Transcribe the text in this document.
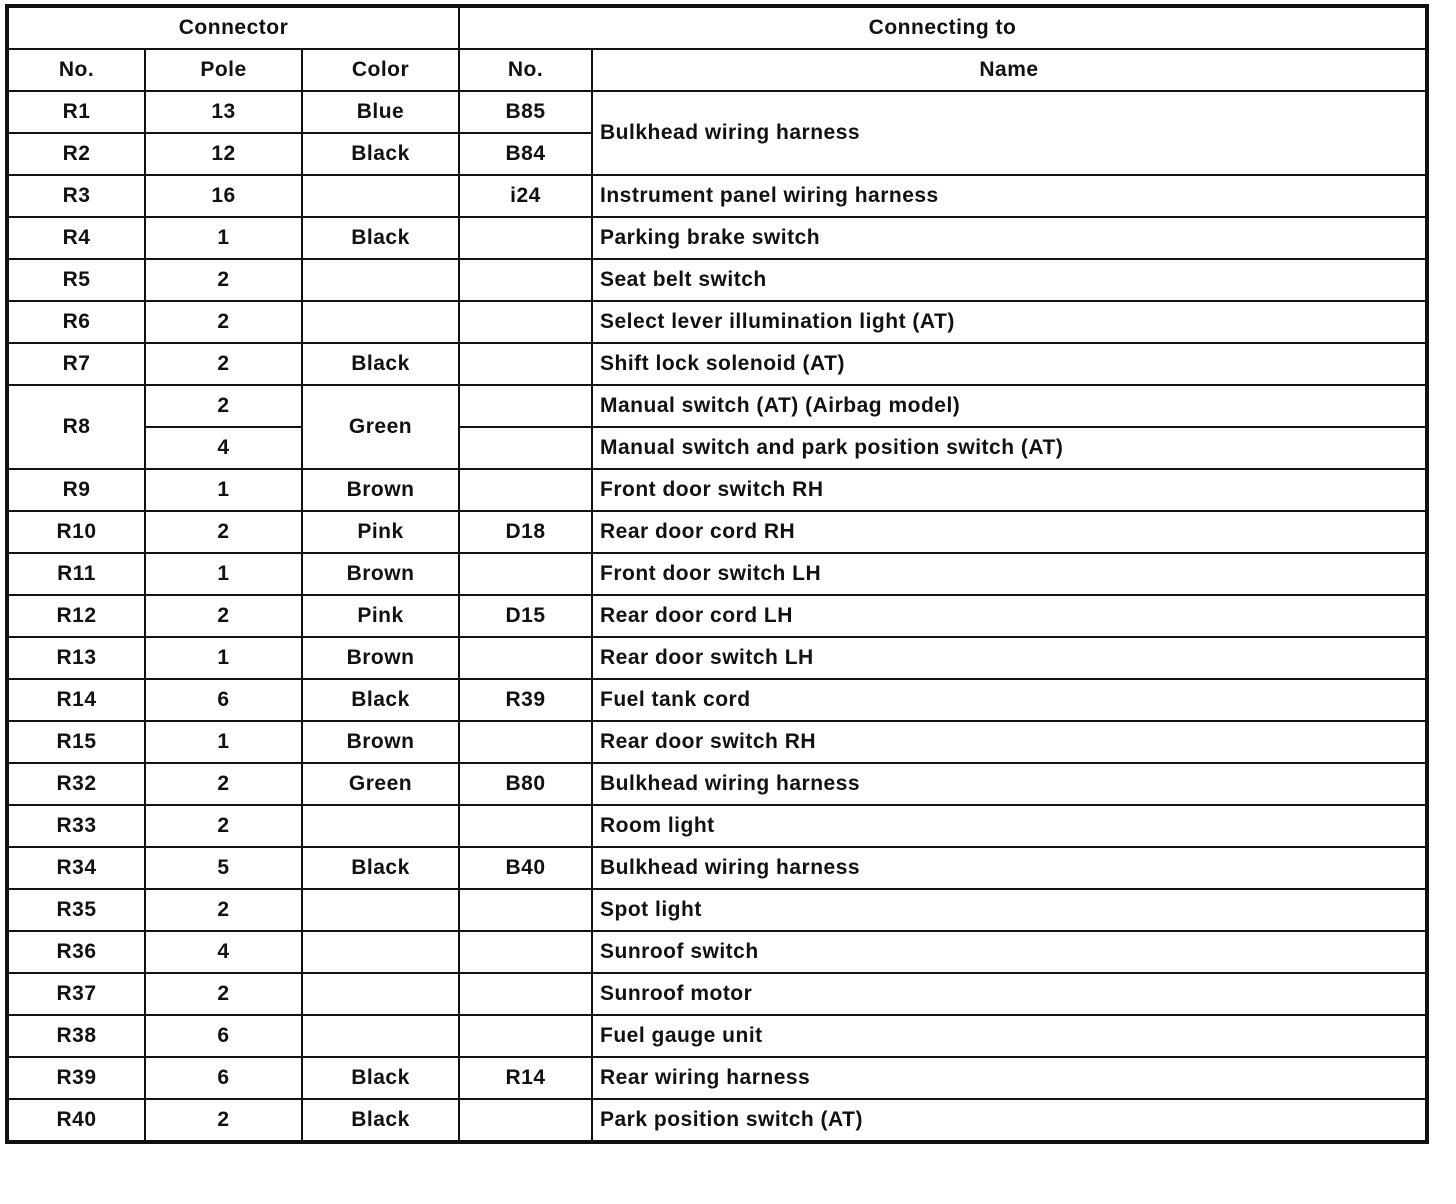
Connector			Connecting to	
No.	Pole	Color	No.	Name
R1	13	Blue	B85	Bulkhead wiring harness
R2	12	Black	B84	
R3	16		i24	Instrument panel wiring harness
R4	1	Black		Parking brake switch
R5	2			Seat belt switch
R6	2			Select lever illumination light (AT)
R7	2	Black		Shift lock solenoid (AT)
R8	2	Green		Manual switch (AT) (Airbag model)
	4			Manual switch and park position switch (AT)
R9	1	Brown		Front door switch RH
R10	2	Pink	D18	Rear door cord RH
R11	1	Brown		Front door switch LH
R12	2	Pink	D15	Rear door cord LH
R13	1	Brown		Rear door switch LH
R14	6	Black	R39	Fuel tank cord
R15	1	Brown		Rear door switch RH
R32	2	Green	B80	Bulkhead wiring harness
R33	2			Room light
R34	5	Black	B40	Bulkhead wiring harness
R35	2			Spot light
R36	4			Sunroof switch
R37	2			Sunroof motor
R38	6			Fuel gauge unit
R39	6	Black	R14	Rear wiring harness
R40	2	Black		Park position switch (AT)
